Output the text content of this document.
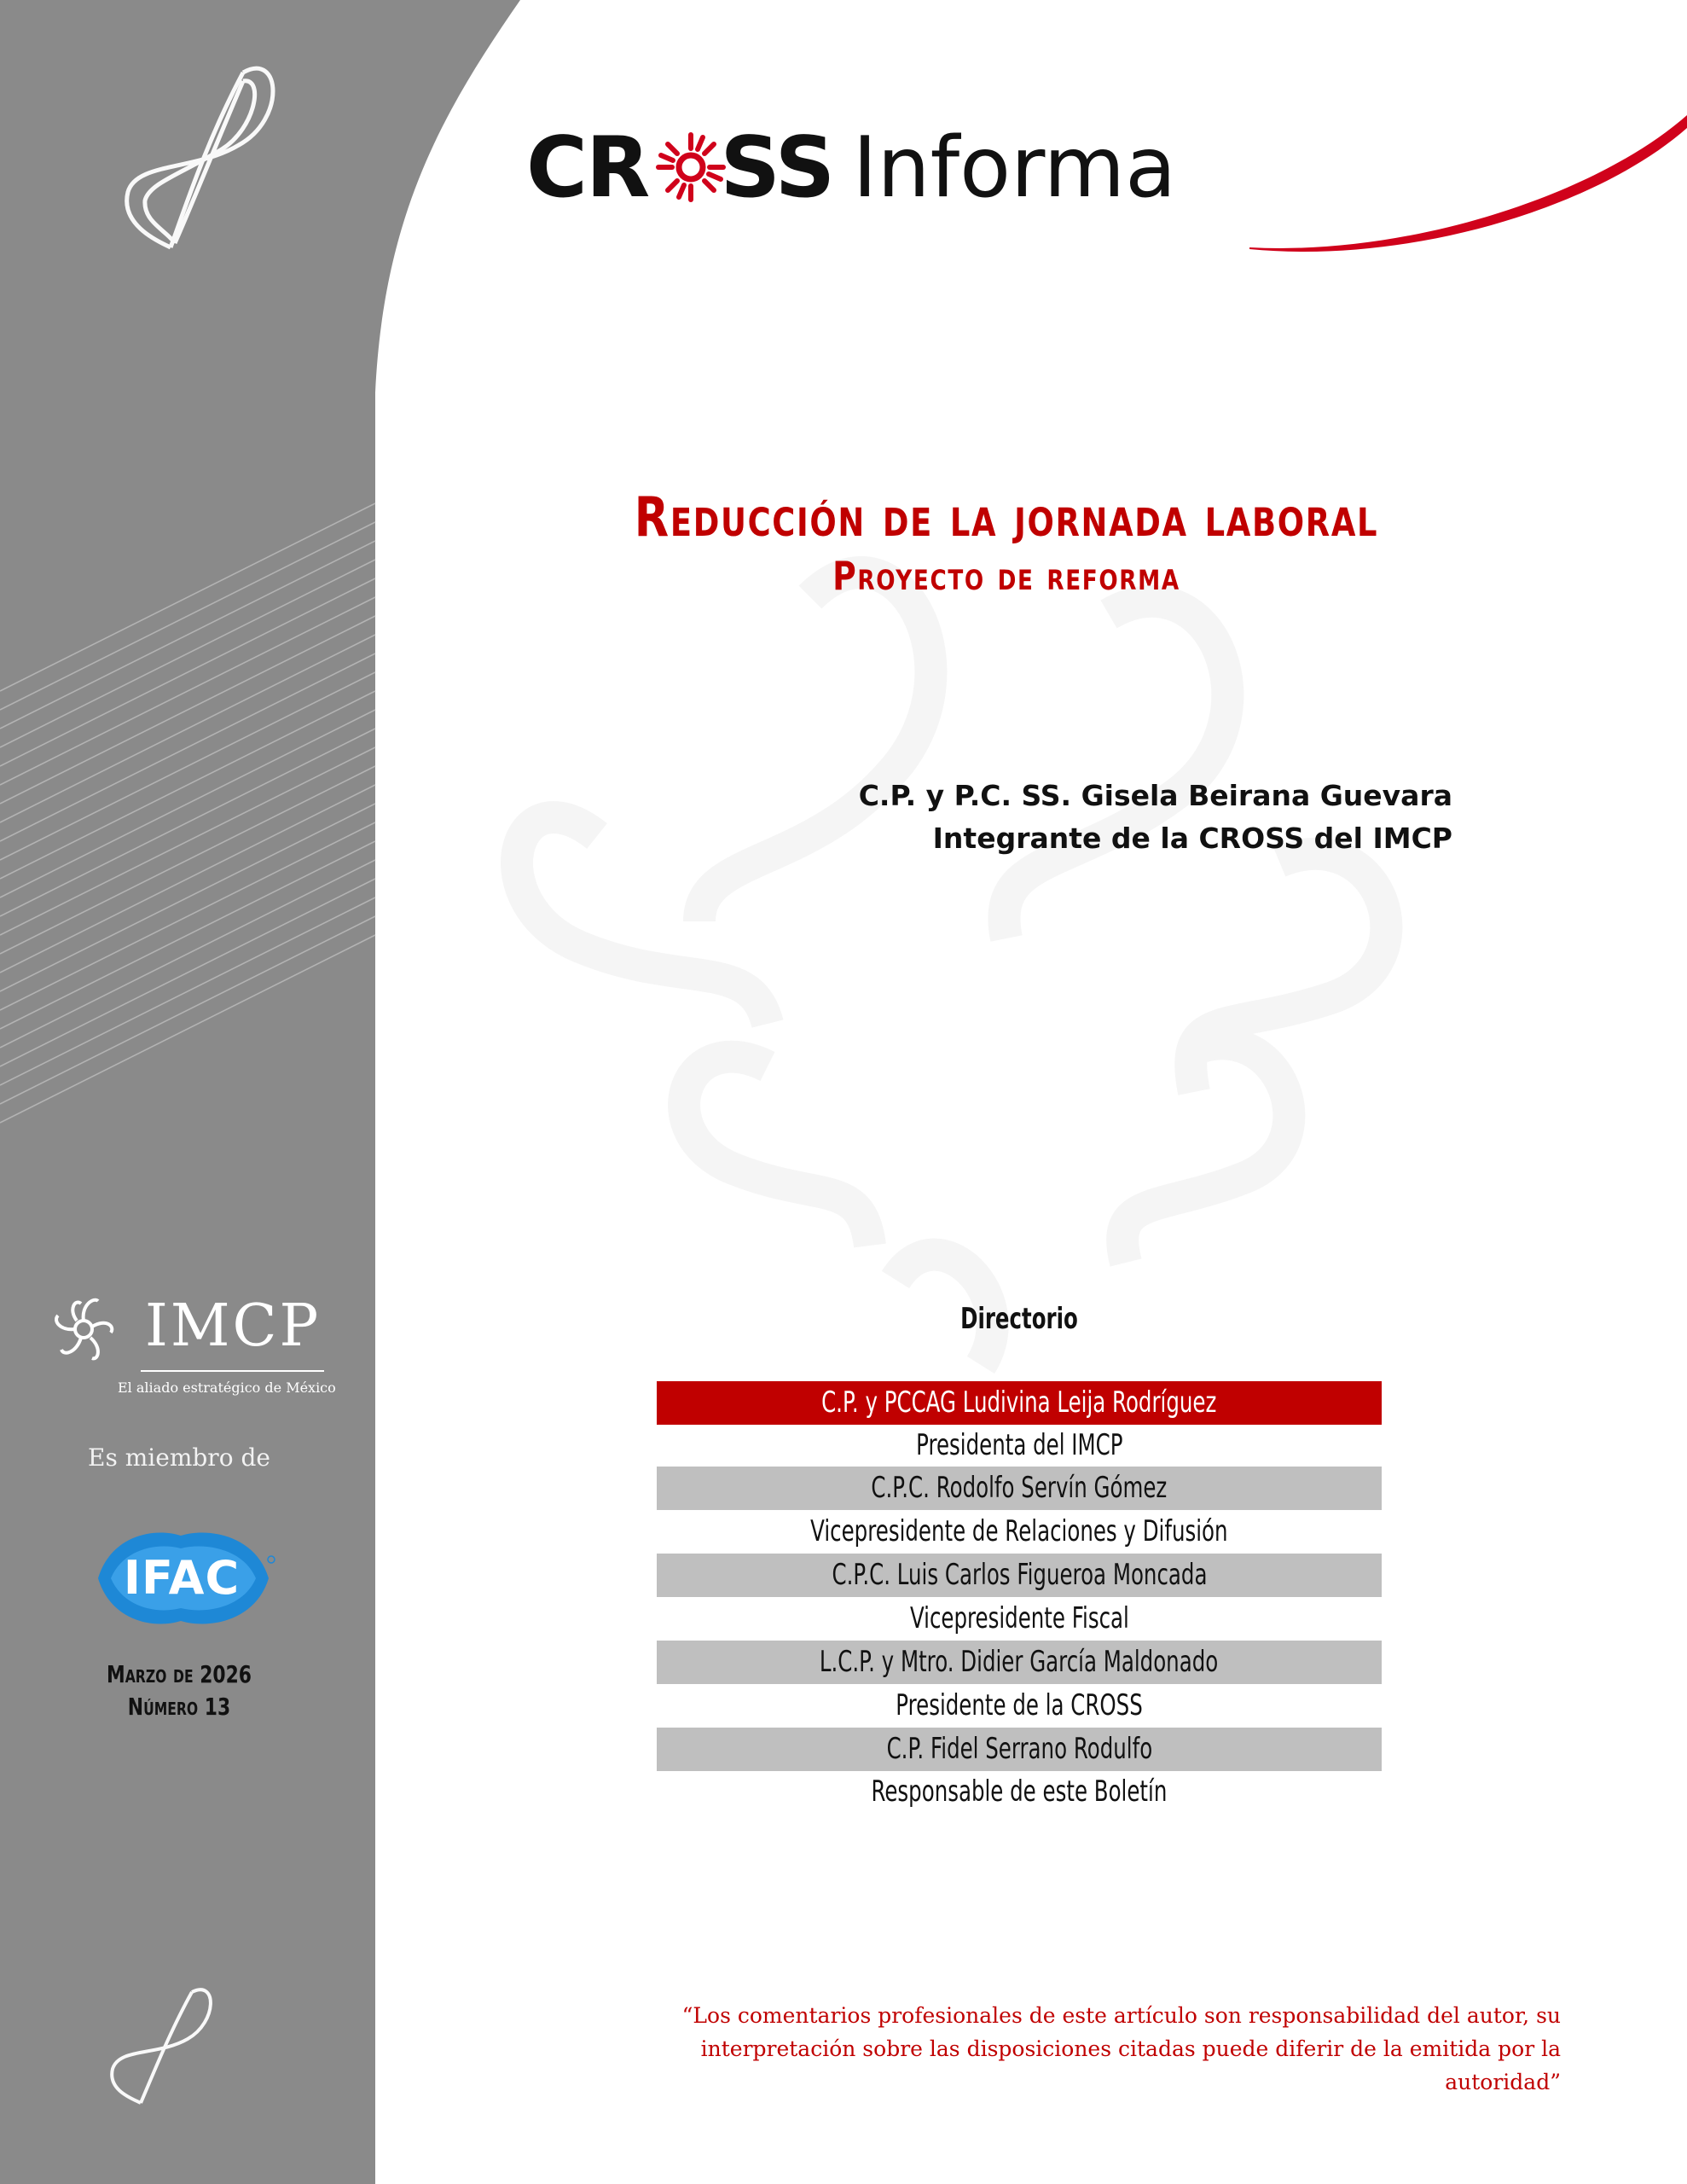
CR SS Informa
Reducción de la jornada laboral
Proyecto de reforma
C.P. y P.C. SS. Gisela Beirana Guevara
Integrante de la CROSS del IMCP
Directorio
C.P. y PCCAG Ludivina Leija Rodríguez
Presidenta del IMCP
C.P.C. Rodolfo Servín Gómez
Vicepresidente de Relaciones y Difusión
C.P.C. Luis Carlos Figueroa Moncada
Vicepresidente Fiscal
L.C.P. y Mtro. Didier García Maldonado
Presidente de la CROSS
C.P. Fidel Serrano Rodulfo
Responsable de este Boletín
IMCP
El aliado estratégico de México
Es miembro de
IFAC
Marzo de 2026
Número 13
“Los comentarios profesionales de este artículo son responsabilidad del autor, su
interpretación sobre las disposiciones citadas puede diferir de la emitida por la autoridad”
